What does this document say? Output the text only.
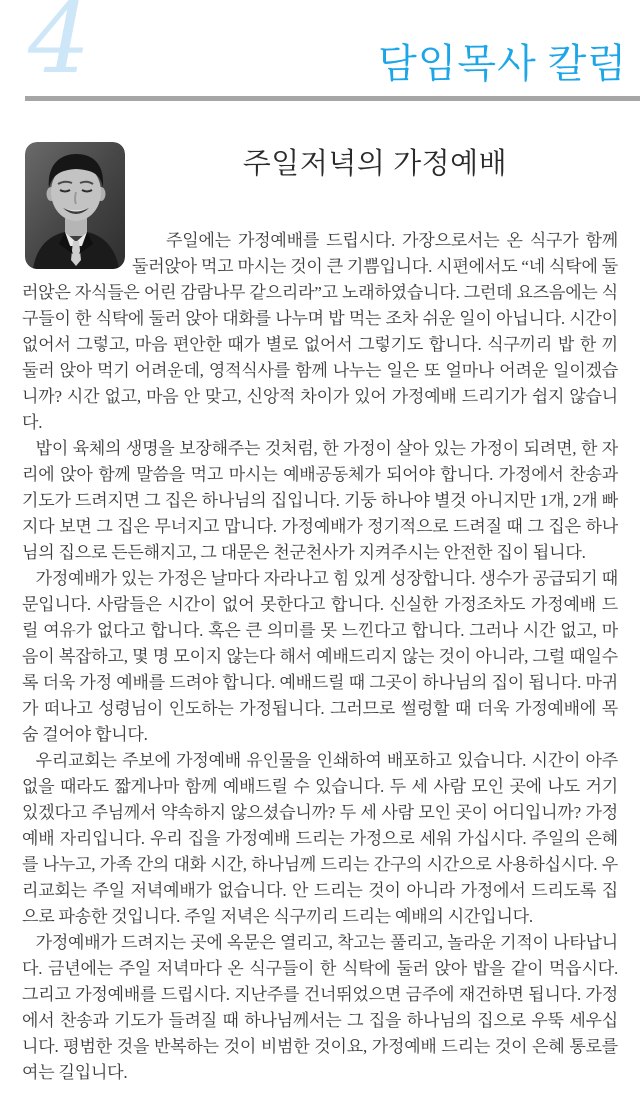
4	담임목사 칼럼
주일저녁의 가정예배

주일에는 가정예배를 드립시다. 가장으로서는 온 식구가 함께 둘러앉아 먹고 마시는 것이 큰 기쁨입니다. 시편에서도 “네 식탁에 둘러앉은 자식들은 어린 감람나무 같으리라”고 노래하였습니다. 그런데 요즈음에는 식구들이 한 식탁에 둘러 앉아 대화를 나누며 밥 먹는 조차 쉬운 일이 아닙니다. 시간이 없어서 그렇고, 마음 편안한 때가 별로 없어서 그렇기도 합니다. 식구끼리 밥 한 끼 둘러 앉아 먹기 어려운데, 영적식사를 함께 나누는 일은 또 얼마나 어려운 일이겠습니까? 시간 없고, 마음 안 맞고, 신앙적 차이가 있어 가정예배 드리기가 쉽지 않습니다.

밥이 육체의 생명을 보장해주는 것처럼, 한 가정이 살아 있는 가정이 되려면, 한 자리에 앉아 함께 말씀을 먹고 마시는 예배공동체가 되어야 합니다. 가정에서 찬송과 기도가 드려지면 그 집은 하나님의 집입니다. 기둥 하나야 별것 아니지만 1개, 2개 빠지다 보면 그 집은 무너지고 맙니다. 가정예배가 정기적으로 드려질 때 그 집은 하나님의 집으로 든든해지고, 그 대문은 천군천사가 지켜주시는 안전한 집이 됩니다.

가정예배가 있는 가정은 날마다 자라나고 힘 있게 성장합니다. 생수가 공급되기 때문입니다. 사람들은 시간이 없어 못한다고 합니다. 신실한 가정조차도 가정예배 드릴 여유가 없다고 합니다. 혹은 큰 의미를 못 느낀다고 합니다. 그러나 시간 없고, 마음이 복잡하고, 몇 명 모이지 않는다 해서 예배드리지 않는 것이 아니라, 그럴 때일수록 더욱 가정 예배를 드려야 합니다. 예배드릴 때 그곳이 하나님의 집이 됩니다. 마귀가 떠나고 성령님이 인도하는 가정됩니다. 그러므로 썰렁할 때 더욱 가정예배에 목숨 걸어야 합니다.

우리교회는 주보에 가정예배 유인물을 인쇄하여 배포하고 있습니다. 시간이 아주 없을 때라도 짧게나마 함께 예배드릴 수 있습니다. 두 세 사람 모인 곳에 나도 거기 있겠다고 주님께서 약속하지 않으셨습니까? 두 세 사람 모인 곳이 어디입니까? 가정예배 자리입니다. 우리 집을 가정예배 드리는 가정으로 세워 가십시다. 주일의 은혜를 나누고, 가족 간의 대화 시간, 하나님께 드리는 간구의 시간으로 사용하십시다. 우리교회는 주일 저녁예배가 없습니다. 안 드리는 것이 아니라 가정에서 드리도록 집으로 파송한 것입니다. 주일 저녁은 식구끼리 드리는 예배의 시간입니다.

가정예배가 드려지는 곳에 옥문은 열리고, 착고는 풀리고, 놀라운 기적이 나타납니다. 금년에는 주일 저녁마다 온 식구들이 한 식탁에 둘러 앉아 밥을 같이 먹읍시다. 그리고 가정예배를 드립시다. 지난주를 건너뛰었으면 금주에 재건하면 됩니다. 가정에서 찬송과 기도가 들려질 때 하나님께서는 그 집을 하나님의 집으로 우뚝 세우십니다. 평범한 것을 반복하는 것이 비범한 것이요, 가정예배 드리는 것이 은혜 통로를 여는 길입니다.
